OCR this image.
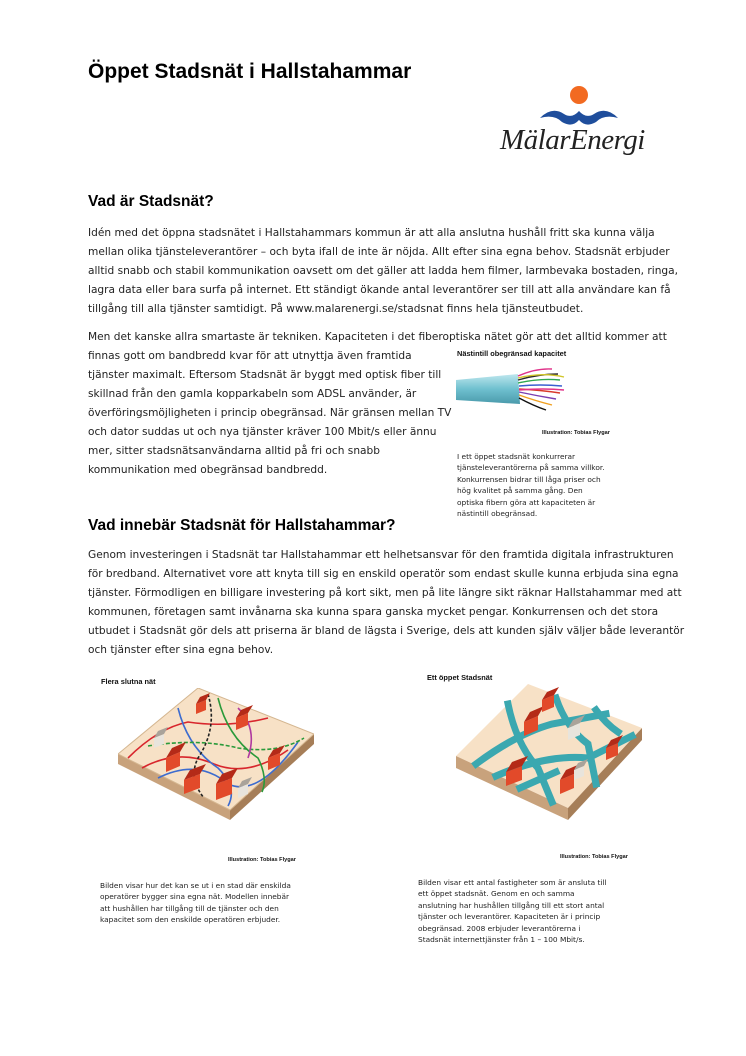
Öppet Stadsnät i Hallstahammar
MälarEnergi
Vad är Stadsnät?
Idén med det öppna stadsnätet i Hallstahammars kommun är att alla anslutna hushåll fritt ska kunna välja
mellan olika tjänsteleverantörer – och byta ifall de inte är nöjda. Allt efter sina egna behov. Stadsnät erbjuder
alltid snabb och stabil kommunikation oavsett om det gäller att ladda hem filmer, larmbevaka bostaden, ringa,
lagra data eller bara surfa på internet. Ett ständigt ökande antal leverantörer ser till att alla användare kan få
tillgång till alla tjänster samtidigt. På www.malarenergi.se/stadsnat finns hela tjänsteutbudet.
Men det kanske allra smartaste är tekniken. Kapaciteten i det fiberoptiska nätet gör att det alltid kommer att
finnas gott om bandbredd kvar för att utnyttja även framtida
tjänster maximalt. Eftersom Stadsnät är byggt med optisk fiber till
skillnad från den gamla kopparkabeln som ADSL använder, är
överföringsmöjligheten i princip obegränsad. När gränsen mellan TV
och dator suddas ut och nya tjänster kräver 100 Mbit/s eller ännu
mer, sitter stadsnätsanvändarna alltid på fri och snabb
kommunikation med obegränsad bandbredd.
Nästintill obegränsad kapacitet
Illustration: Tobias Flygar
I ett öppet stadsnät konkurrerar
tjänsteleverantörerna på samma villkor.
Konkurrensen bidrar till låga priser och
hög kvalitet på samma gång. Den
optiska fibern göra att kapaciteten är
nästintill obegränsad.
Vad innebär Stadsnät för Hallstahammar?
Genom investeringen i Stadsnät tar Hallstahammar ett helhetsansvar för den framtida digitala infrastrukturen
för bredband. Alternativet vore att knyta till sig en enskild operatör som endast skulle kunna erbjuda sina egna
tjänster. Förmodligen en billigare investering på kort sikt, men på lite längre sikt räknar Hallstahammar med att
kommunen, företagen samt invånarna ska kunna spara ganska mycket pengar. Konkurrensen och det stora
utbudet i Stadsnät gör dels att priserna är bland de lägsta i Sverige, dels att kunden själv väljer både leverantör
och tjänster efter sina egna behov.
Flera slutna nät
Illustration: Tobias Flygar
Bilden visar hur det kan se ut i en stad där enskilda
operatörer bygger sina egna nät. Modellen innebär
att hushållen har tillgång till de tjänster och den
kapacitet som den enskilde operatören erbjuder.
Ett öppet Stadsnät
Illustration: Tobias Flygar
Bilden visar ett antal fastigheter som är ansluta till
ett öppet stadsnät. Genom en och samma
anslutning har hushållen tillgång till ett stort antal
tjänster och leverantörer. Kapaciteten är i princip
obegränsad. 2008 erbjuder leverantörerna i
Stadsnät internettjänster från 1 – 100 Mbit/s.
